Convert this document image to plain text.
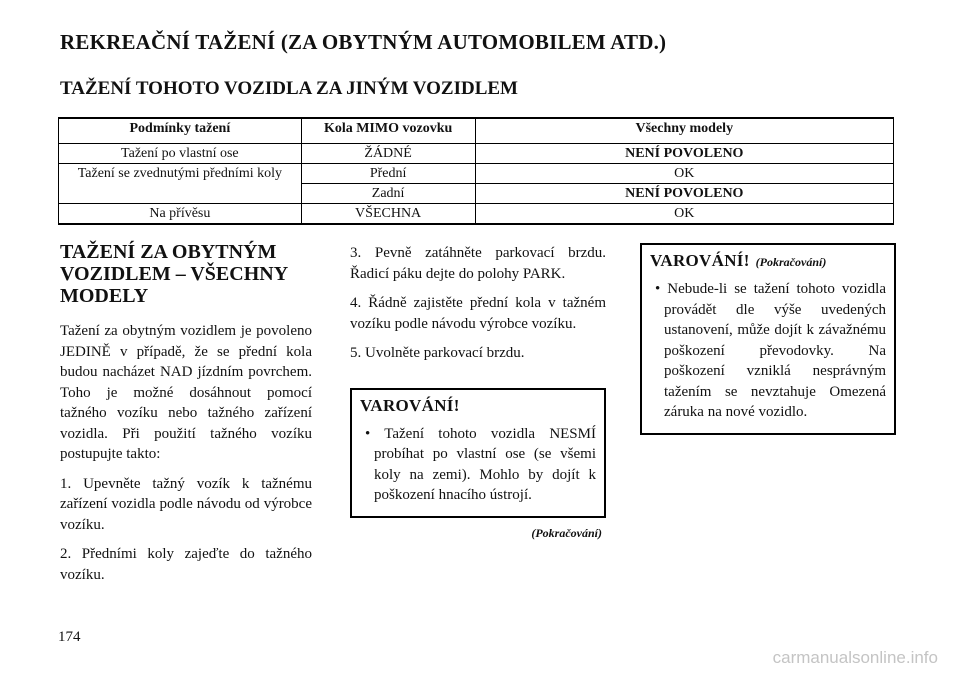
REKREAČNÍ TAŽENÍ (ZA OBYTNÝM AUTOMOBILEM ATD.)
TAŽENÍ TOHOTO VOZIDLA ZA JINÝM VOZIDLEM
Podmínky tažení	Kola MIMO vozovku	Všechny modely
Tažení po vlastní ose	ŽÁDNÉ	NENÍ POVOLENO
Tažení se zvednutými předními koly	Přední	OK
	Zadní	NENÍ POVOLENO
Na přívěsu	VŠECHNA	OK
TAŽENÍ ZA OBYTNÝM VOZIDLEM – VŠECHNY MODELY

Tažení za obytným vozidlem je povoleno JEDINĚ v případě, že se přední kola budou nacházet NAD jízdním povrchem. Toho je možné dosáhnout pomocí tažného vozíku nebo tažného zařízení vozidla. Při použití tažného vozíku postupujte takto:

1. Upevněte tažný vozík k tažnému zařízení vozidla podle návodu od výrobce vozíku.

2. Předními koly zajeďte do tažného vozíku.

3. Pevně zatáhněte parkovací brzdu. Řadicí páku dejte do polohy PARK.

4. Řádně zajistěte přední kola v tažném vozíku podle návodu výrobce vozíku.

5. Uvolněte parkovací brzdu.

VAROVÁNÍ!
• Tažení tohoto vozidla NESMÍ probíhat po vlastní ose (se všemi koly na zemi). Mohlo by dojít k poškození hnacího ústrojí.
(Pokračování)
VAROVÁNÍ! (Pokračování)
• Nebude-li se tažení tohoto vozidla provádět dle výše uvedených ustanovení, může dojít k závažnému poškození převodovky. Na poškození vzniklá nesprávným tažením se nevztahuje Omezená záruka na nové vozidlo.
174
carmanualsonline.info
